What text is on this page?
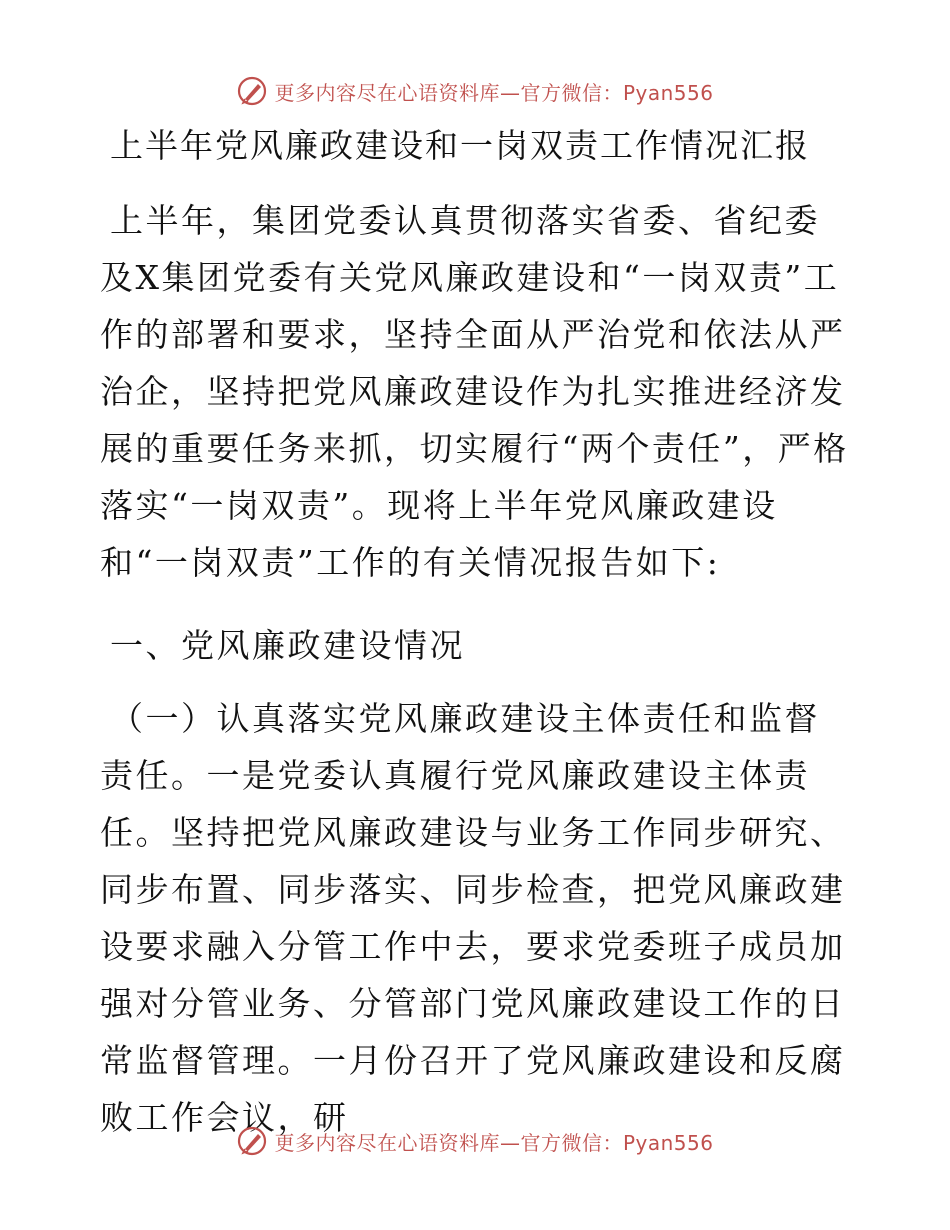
更多内容尽在心语资料库—官方微信：Pyan556
上半年党风廉政建设和一岗双责工作情况汇报

上半年，集团党委认真贯彻落实省委、省纪委及X集团党委有关党风廉政建设和“一岗双责”工作的部署和要求，坚持全面从严治党和依法从严治企，坚持把党风廉政建设作为扎实推进经济发展的重要任务来抓，切实履行“两个责任”，严格落实“一岗双责”。现将上半年党风廉政建设和“一岗双责”工作的有关情况报告如下:

一、党风廉政建设情况

（一）认真落实党风廉政建设主体责任和监督责任。一是党委认真履行党风廉政建设主体责任。坚持把党风廉政建设与业务工作同步研究、同步布置、同步落实、同步检查，把党风廉政建设要求融入分管工作中去，要求党委班子成员加强对分管业务、分管部门党风廉政建设工作的日常监督管理。一月份召开了党风廉政建设和反腐败工作会议，研

更多内容尽在心语资料库—官方微信：Pyan556
